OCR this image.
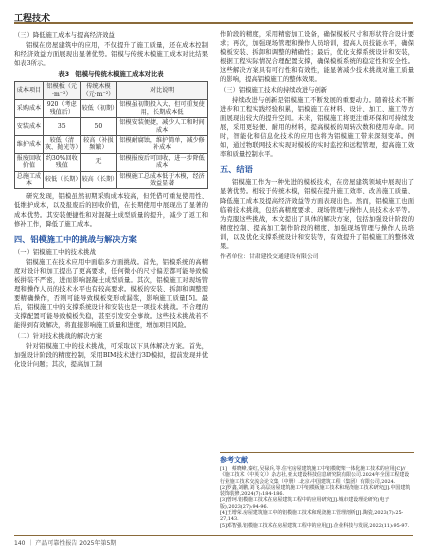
工程技术

（三）降低施工成本与提高经济效益

铝模在房屋建筑中的应用，不仅提升了施工质量，还在成本控制和经济效益方面展现出显著优势。铝模与传统木模施工成本对比结果如表3所示。

表3　铝模与传统木模施工成本对比表

成本项目	铝模板（元·m⁻²）	传统木模（元·m⁻²）	对比说明
采购成本	920（考虑残值后）	较低（初期）	铝模虽初期投入大，但可重复使用，长期成本低
安装成本	35	50	铝模安装便捷，减少人工和时间成本
维护成本	较低（清灰、抛光等）	较高（补损频繁）	铝模耐腐蚀，维护简单，减少修补成本
报废回收价值	约30%回收残值	无	铝模报废后可回收，进一步降低成本
总施工成本	较低（长期）	较高（长期）	铝模施工总成本低于木模，经济效益显著

研究发现，铝模虽然初期采购成本较高，但凭借可重复使用性、低维护成本，以及报废后的回收价值，在长期使用中展现出了显著的成本优势。其安装便捷性和对混凝土成型质量的提升，减少了返工和修补工作，降低了施工成本。

四、铝模施工中的挑战与解决方案

（一）铝模施工中的技术挑战

铝模施工在技术应用中面临多方面挑战。首先，铝模系统的高精度对设计和加工提出了更高要求，任何微小的尺寸偏差都可能导致模板拼装不严密，进而影响混凝土成型质量。其次，铝模施工对现场管理和操作人员的技术水平也有较高要求。模板的安装、拆卸和调整需要精确操作，否则可能导致模板变形或漏浆，影响施工质量[5]。最后，铝模施工中的支撑系统设计和安装也是一项技术挑战。不合理的支撑配置可能导致模板失稳，甚至引发安全事故。这些技术挑战若不能得到有效解决，将直接影响施工质量和进度，增加项目风险。

（二）针对技术挑战的解决方案

针对铝模施工中的技术挑战，可采取以下具体解决方案。首先，加强设计阶段的精度控制，采用BIM技术进行3D模拟，提前发现并优化设计问题；其次，提高加工制

作阶段的精度，采用精密加工设备，确保模板尺寸和形状符合设计要求；再次，加强现场管理和操作人员培训，提高人员技能水平，确保模板安装、拆卸和调整的精确性；最后，优化支撑系统设计和安装，根据工程实际情况合理配置支撑，确保模板系统的稳定性和安全性。这些解决方案具有可行性和有效性，能显著减少技术挑战对施工质量的影响，提高铝模施工的整体效果。

（三）铝模施工技术的持续改进与创新

持续改进与创新是铝模施工不断发展的重要动力。随着技术不断进步和工程实践经验积累，铝模施工在材料、设计、加工、施工等方面展现出较大的提升空间。未来，铝模施工将更注重环保和可持续发展，采用更轻便、耐用的材料，提高模板的周转次数和使用寿命。同时，智能化和信息化技术的应用也将为铝模施工带来深刻变革。例如，通过物联网技术实现对模板的实时监控和远程管理，提高施工效率和质量控制水平。

五、结语

铝模施工作为一种先进的模板技术，在房屋建筑领域中展现出了显著优势。相较于传统木模，铝模在提升施工效率、改善施工质量、降低施工成本及提高经济效益等方面表现出色。然而，铝模施工也面临着技术挑战，包括高精度要求、现场管理与操作人员技术水平等。为克服这些挑战，本文提出了具体的解决方案，包括加强设计阶段的精度控制、提高加工制作阶段的精度、加强现场管理与操作人员培训，以及优化支撑系统设计和安装等，有效提升了铝模施工的整体效果。

作者单位：甘肃建投交通建设有限公司

参考文献

[1]　蔡晓峰,秦红,吴禄兵,等.住宅房屋建筑施工中铝模爬架一体化施工技术的应用[C]//《施工技术（中英文）》杂志社,亚太建设科技信息研究院有限公司.2024年全国工程建设行业施工技术交流会论文集（中册）.北京:中国建筑工程（集团）有限公司,2024.

[2]罗鑫,刘鹏,刘飞.高层房屋建筑施工中铝模板施工技术和现浇施工技术研究[J].中国建筑装饰装修,2024(7):184-186.

[3]曾珂.铝模施工技术在房屋建筑工程中的应用研究[J].城市建设理论研究(电子版),2023(27):94-96.

[4]王增荣.房屋建筑施工中的铝模施工技术和现浇施工管理剖析[J].陶瓷,2023(7):25-27,143.

[5]邓智强.铝模施工技术在房屋建筑工程中的应用[J].企业科技与发展,2022(11):95-97.

140 ｜ 产品可靠性报告 2025年第5期
